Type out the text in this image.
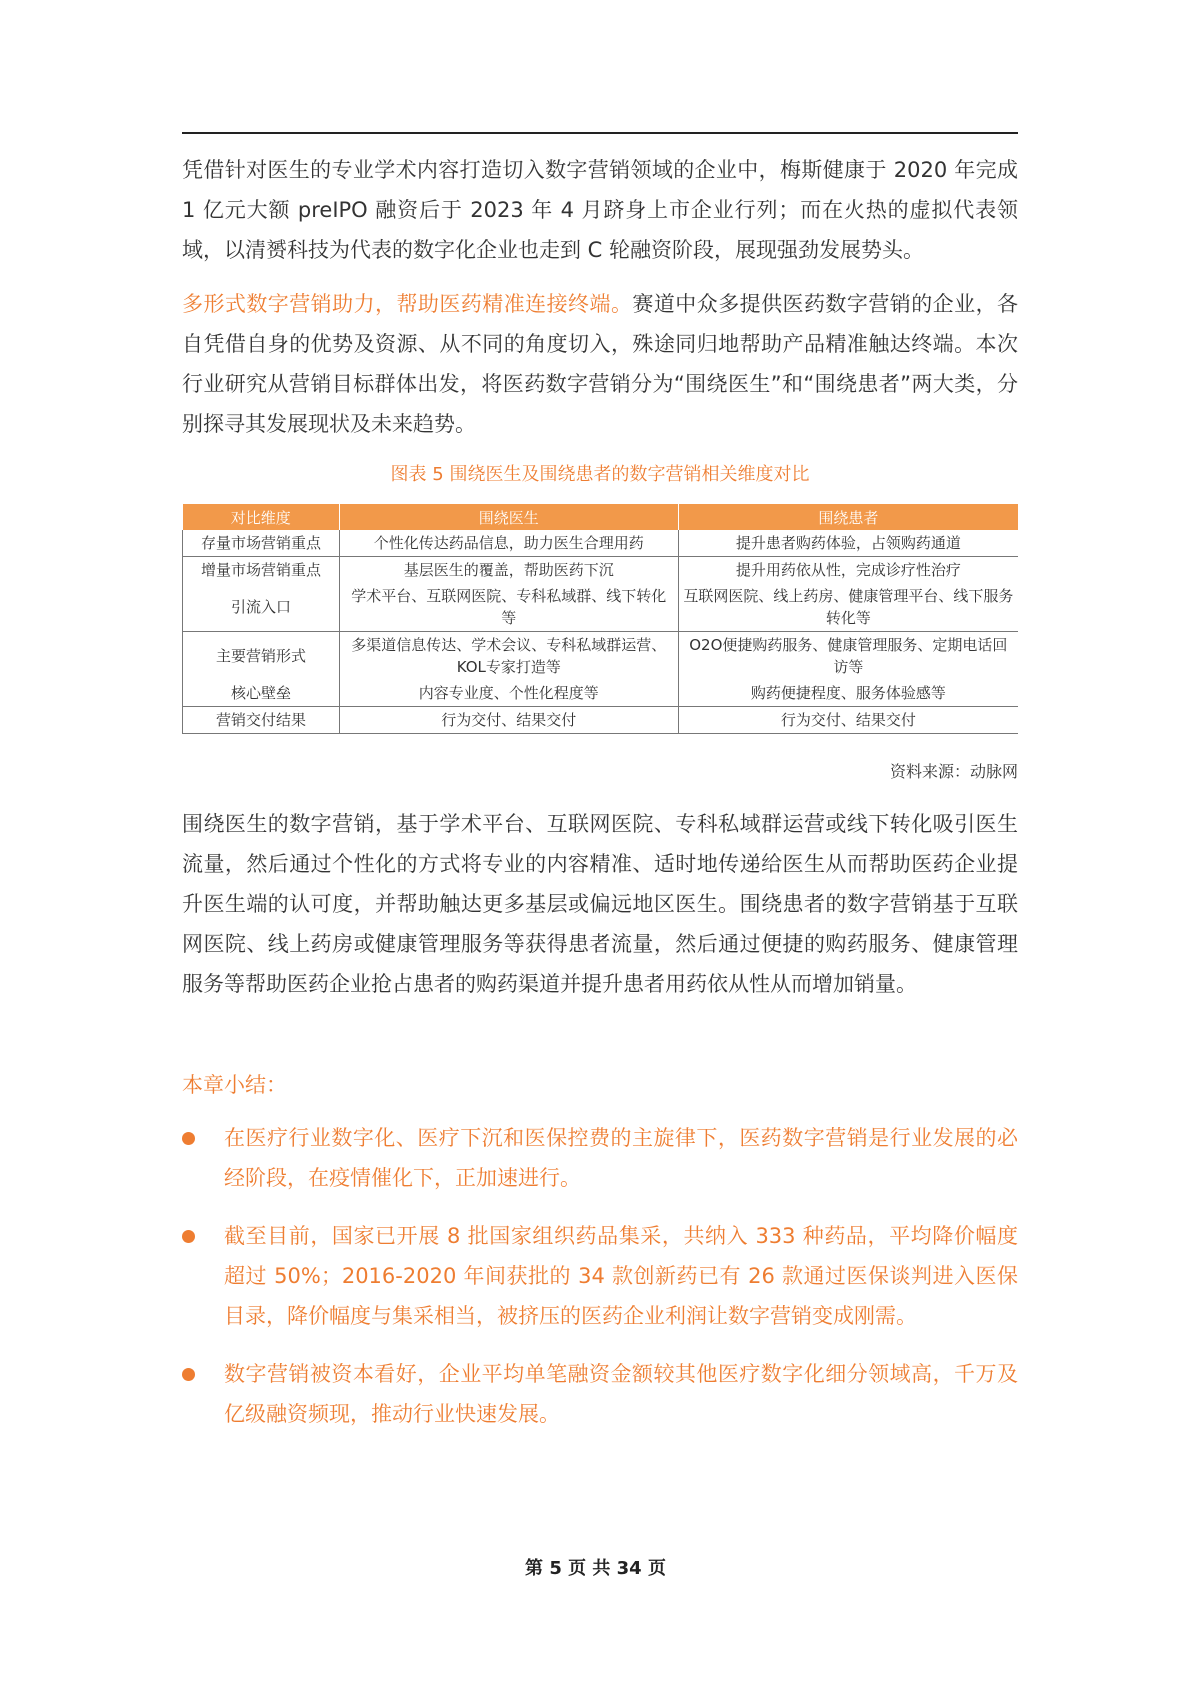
凭借针对医生的专业学术内容打造切入数字营销领域的企业中，梅斯健康于 2020 年完成 1 亿元大额 preIPO 融资后于 2023 年 4 月跻身上市企业行列；而在火热的虚拟代表领域，以清赟科技为代表的数字化企业也走到 C 轮融资阶段，展现强劲发展势头。

多形式数字营销助力，帮助医药精准连接终端。赛道中众多提供医药数字营销的企业，各自凭借自身的优势及资源、从不同的角度切入，殊途同归地帮助产品精准触达终端。本次行业研究从营销目标群体出发，将医药数字营销分为“围绕医生”和“围绕患者”两大类，分别探寻其发展现状及未来趋势。

图表 5 围绕医生及围绕患者的数字营销相关维度对比
对比维度	围绕医生	围绕患者
存量市场营销重点	个性化传达药品信息，助力医生合理用药	提升患者购药体验，占领购药通道
增量市场营销重点	基层医生的覆盖，帮助医药下沉	提升用药依从性，完成诊疗性治疗
引流入口	学术平台、互联网医院、专科私域群、线下转化等	互联网医院、线上药房、健康管理平台、线下服务转化等
主要营销形式	多渠道信息传达、学术会议、专科私域群运营、KOL专家打造等	O2O便捷购药服务、健康管理服务、定期电话回访等
核心壁垒	内容专业度、个性化程度等	购药便捷程度、服务体验感等
营销交付结果	行为交付、结果交付	行为交付、结果交付
资料来源：动脉网

围绕医生的数字营销，基于学术平台、互联网医院、专科私域群运营或线下转化吸引医生流量，然后通过个性化的方式将专业的内容精准、适时地传递给医生从而帮助医药企业提升医生端的认可度，并帮助触达更多基层或偏远地区医生。围绕患者的数字营销基于互联网医院、线上药房或健康管理服务等获得患者流量，然后通过便捷的购药服务、健康管理服务等帮助医药企业抢占患者的购药渠道并提升患者用药依从性从而增加销量。

本章小结：
在医疗行业数字化、医疗下沉和医保控费的主旋律下，医药数字营销是行业发展的必经阶段，在疫情催化下，正加速进行。
截至目前，国家已开展 8 批国家组织药品集采，共纳入 333 种药品，平均降价幅度超过 50%；2016-2020 年间获批的 34 款创新药已有 26 款通过医保谈判进入医保目录，降价幅度与集采相当，被挤压的医药企业利润让数字营销变成刚需。
数字营销被资本看好，企业平均单笔融资金额较其他医疗数字化细分领域高，千万及亿级融资频现，推动行业快速发展。
第 5 页 共 34 页
